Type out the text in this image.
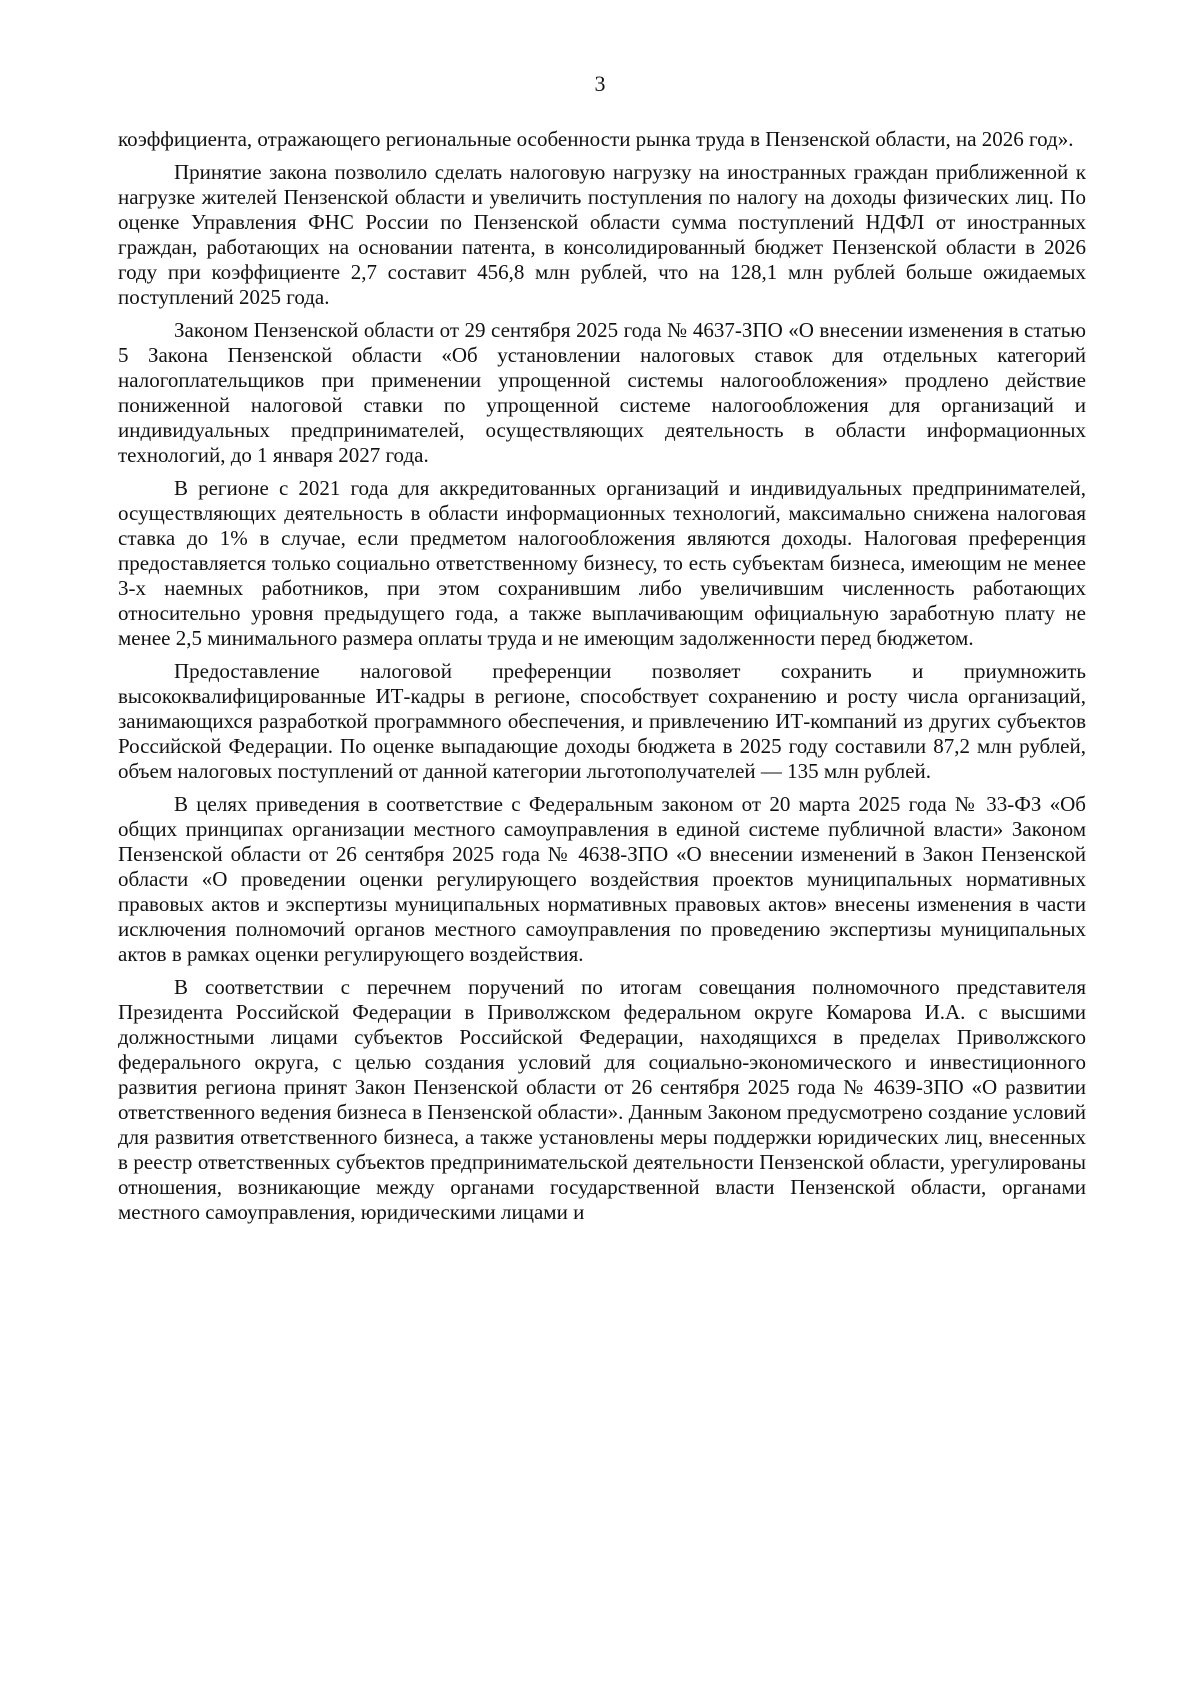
3

коэффициента, отражающего региональные особенности рынка труда в Пензенской области, на 2026 год».

Принятие закона позволило сделать налоговую нагрузку на иностранных граждан приближенной к нагрузке жителей Пензенской области и увеличить поступления по налогу на доходы физических лиц. По оценке Управления ФНС России по Пензенской области сумма поступлений НДФЛ от иностранных граждан, работающих на основании патента, в консолидированный бюджет Пензенской области в 2026 году при коэффициенте 2,7 составит 456,8 млн рублей, что на 128,1 млн рублей больше ожидаемых поступлений 2025 года.

Законом Пензенской области от 29 сентября 2025 года № 4637-ЗПО «О внесении изменения в статью 5 Закона Пензенской области «Об установлении налоговых ставок для отдельных категорий налогоплательщиков при применении упрощенной системы налогообложения» продлено действие пониженной налоговой ставки по упрощенной системе налогообложения для организаций и индивидуальных предпринимателей, осуществляющих деятельность в области информационных технологий, до 1 января 2027 года.

В регионе с 2021 года для аккредитованных организаций и индивидуальных предпринимателей, осуществляющих деятельность в области информационных технологий, максимально снижена налоговая ставка до 1% в случае, если предметом налогообложения являются доходы. Налоговая преференция предоставляется только социально ответственному бизнесу, то есть субъектам бизнеса, имеющим не менее 3-х наемных работников, при этом сохранившим либо увеличившим численность работающих относительно уровня предыдущего года, а также выплачивающим официальную заработную плату не менее 2,5 минимального размера оплаты труда и не имеющим задолженности перед бюджетом.

Предоставление налоговой преференции позволяет сохранить и приумножить высококвалифицированные ИТ-кадры в регионе, способствует сохранению и росту числа организаций, занимающихся разработкой программного обеспечения, и привлечению ИТ-компаний из других субъектов Российской Федерации. По оценке выпадающие доходы бюджета в 2025 году составили 87,2 млн рублей, объем налоговых поступлений от данной категории льготополучателей — 135 млн рублей.

В целях приведения в соответствие с Федеральным законом от 20 марта 2025 года № 33-ФЗ «Об общих принципах организации местного самоуправления в единой системе публичной власти» Законом Пензенской области от 26 сентября 2025 года № 4638-ЗПО «О внесении изменений в Закон Пензенской области «О проведении оценки регулирующего воздействия проектов муниципальных нормативных правовых актов и экспертизы муниципальных нормативных правовых актов» внесены изменения в части исключения полномочий органов местного самоуправления по проведению экспертизы муниципальных актов в рамках оценки регулирующего воздействия.

В соответствии с перечнем поручений по итогам совещания полномочного представителя Президента Российской Федерации в Приволжском федеральном округе Комарова И.А. с высшими должностными лицами субъектов Российской Федерации, находящихся в пределах Приволжского федерального округа, с целью создания условий для социально-экономического и инвестиционного развития региона принят Закон Пензенской области от 26 сентября 2025 года № 4639-ЗПО «О развитии ответственного ведения бизнеса в Пензенской области». Данным Законом предусмотрено создание условий для развития ответственного бизнеса, а также установлены меры поддержки юридических лиц, внесенных в реестр ответственных субъектов предпринимательской деятельности Пензенской области, урегулированы отношения, возникающие между органами государственной власти Пензенской области, органами местного самоуправления, юридическими лицами и
